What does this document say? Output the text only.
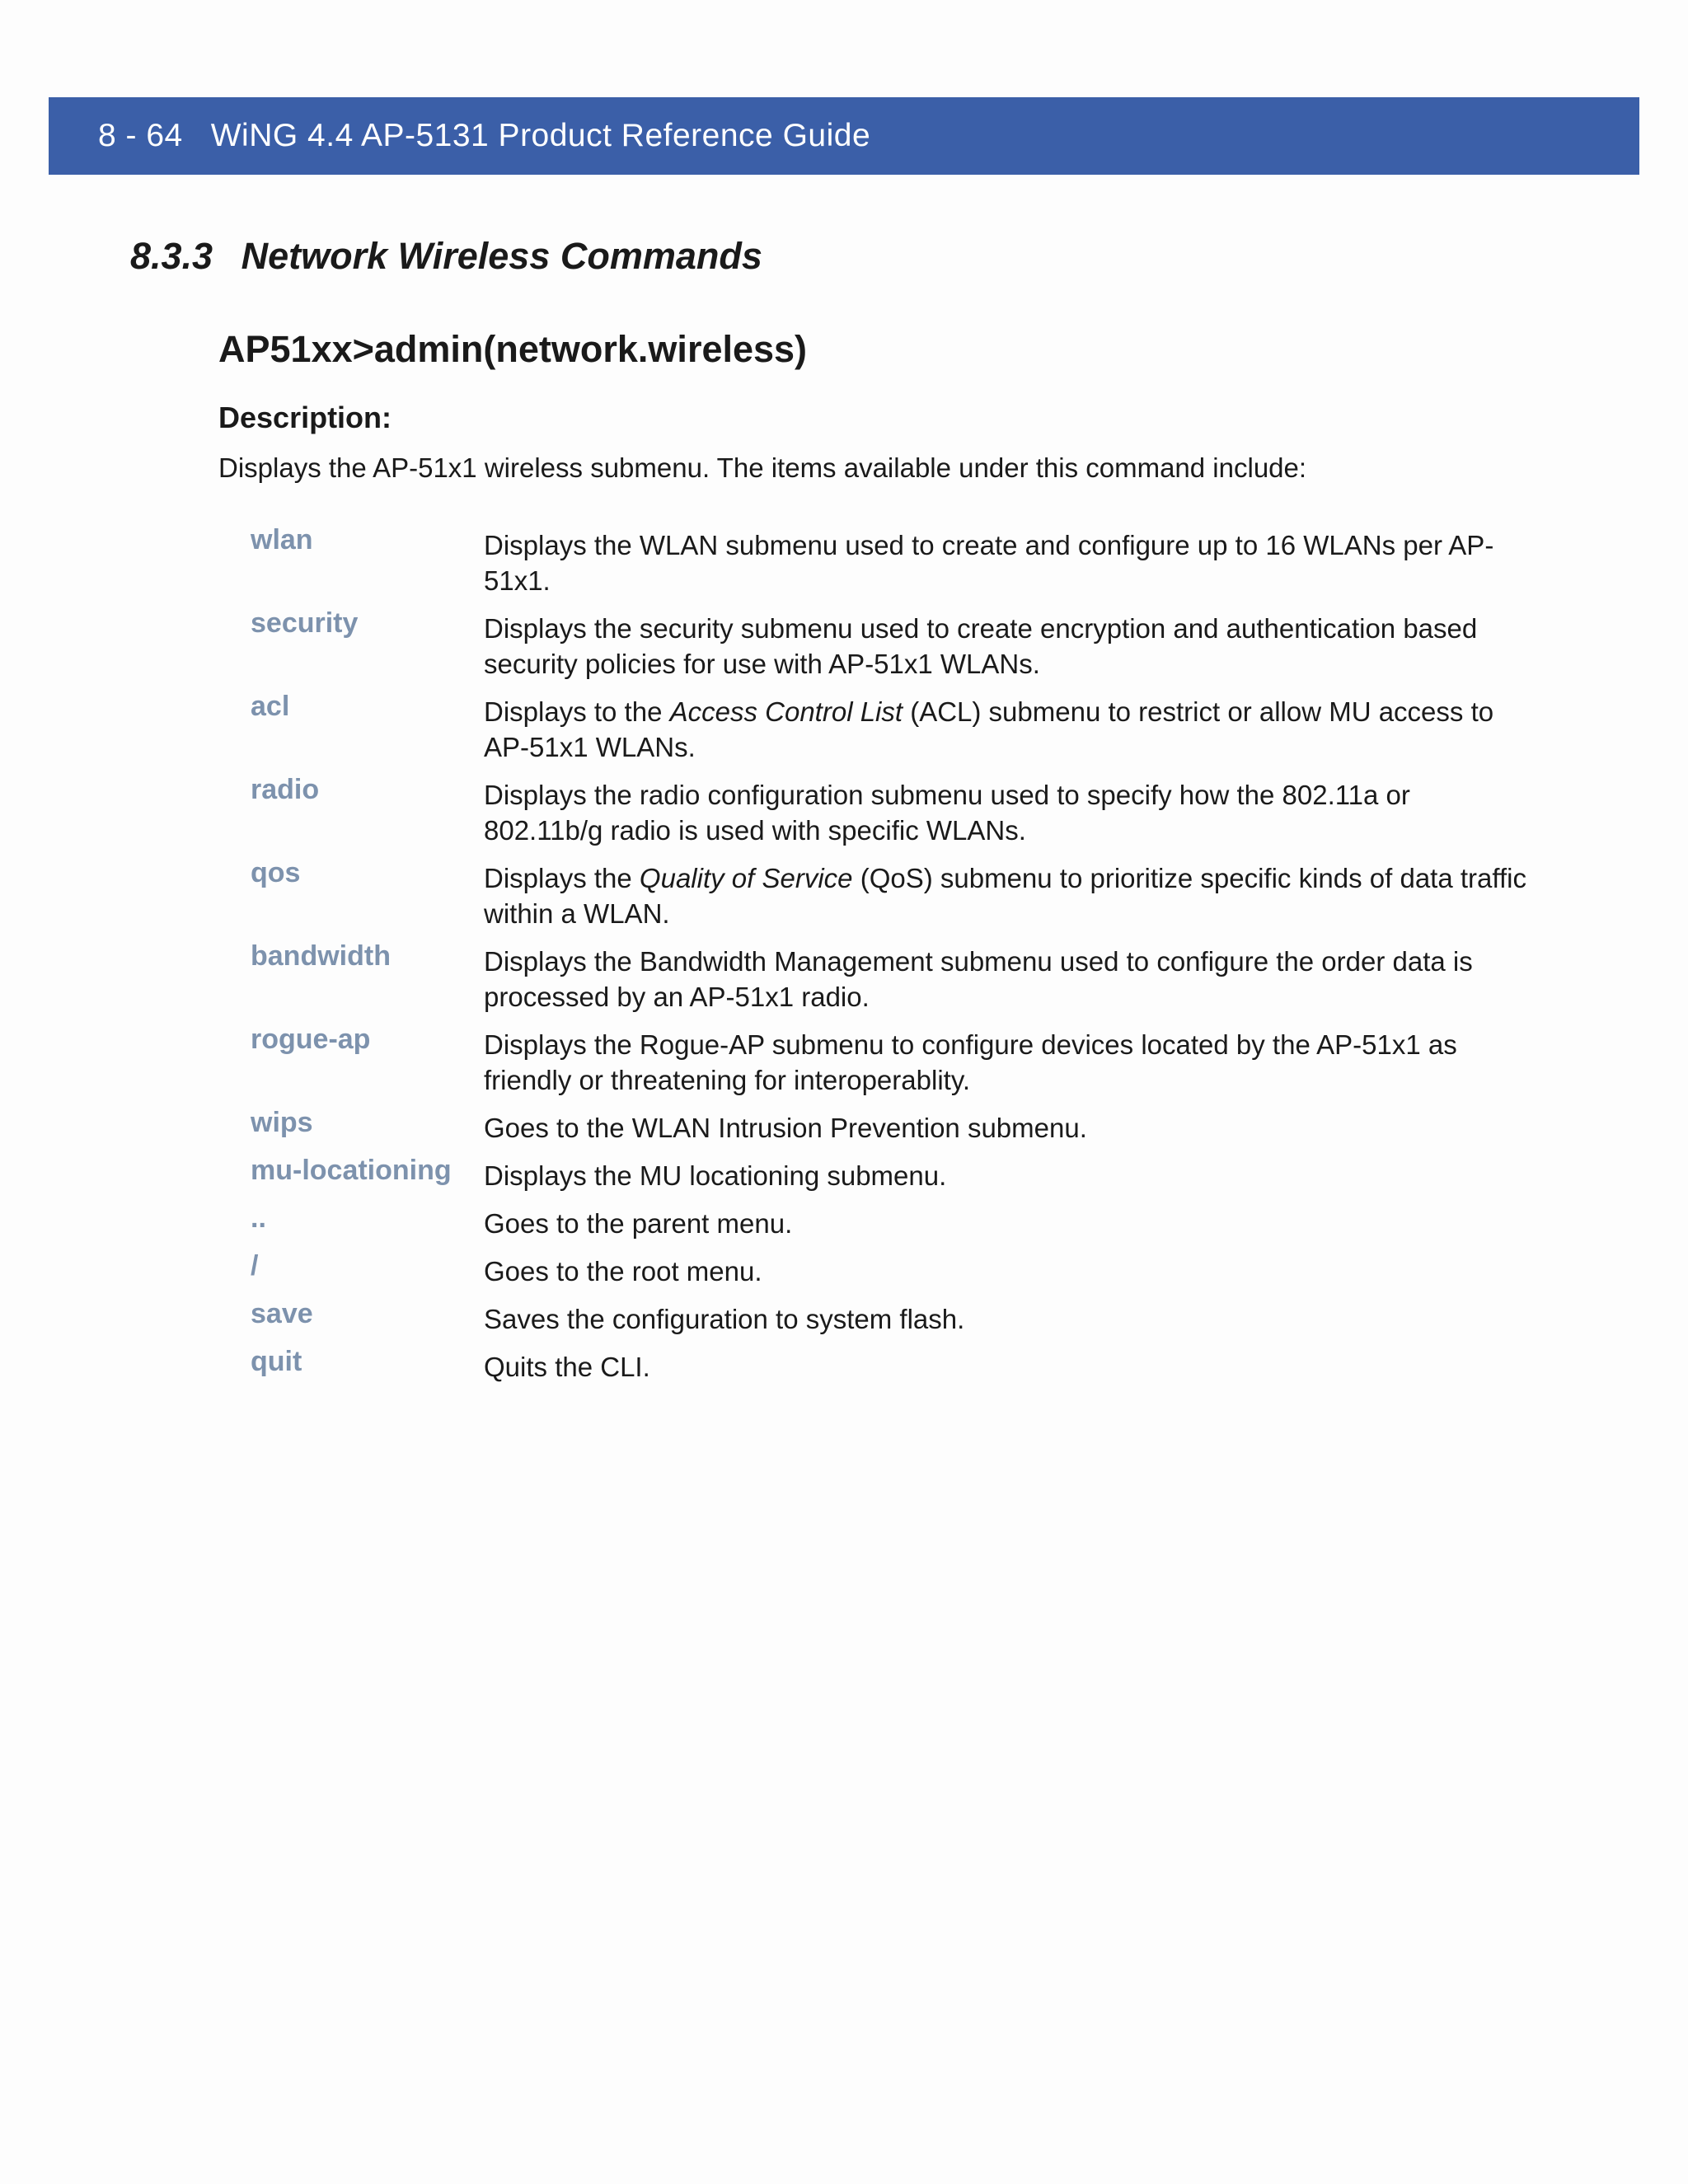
8 - 64 WiNG 4.4 AP-5131 Product Reference Guide
8.3.3 Network Wireless Commands
AP51xx>admin(network.wireless)
Description:
Displays the AP-51x1 wireless submenu. The items available under this command include:
wlan	Displays the WLAN submenu used to create and configure up to 16 WLANs per AP-51x1.
security	Displays the security submenu used to create encryption and authentication based security policies for use with AP-51x1 WLANs.
acl	Displays to the Access Control List (ACL) submenu to restrict or allow MU access to AP-51x1 WLANs.
radio	Displays the radio configuration submenu used to specify how the 802.11a or 802.11b/g radio is used with specific WLANs.
qos	Displays the Quality of Service (QoS) submenu to prioritize specific kinds of data traffic within a WLAN.
bandwidth	Displays the Bandwidth Management submenu used to configure the order data is processed by an AP-51x1 radio.
rogue-ap	Displays the Rogue-AP submenu to configure devices located by the AP-51x1 as friendly or threatening for interoperablity.
wips	Goes to the WLAN Intrusion Prevention submenu.
mu-locationing	Displays the MU locationing submenu.
..	Goes to the parent menu.
/	Goes to the root menu.
save	Saves the configuration to system flash.
quit	Quits the CLI.
